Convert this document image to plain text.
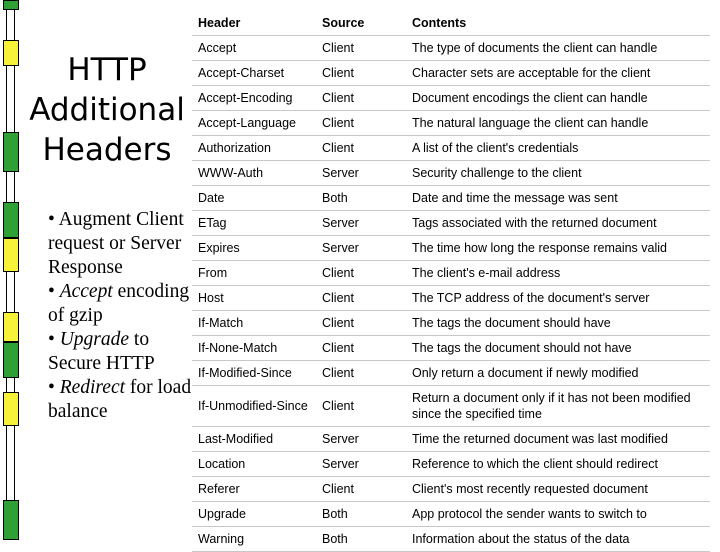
HTTP
Additional
Headers
• Augment Client request or Server Response
• Accept encoding of gzip
• Upgrade to Secure HTTP
• Redirect for load balance
Header	Source	Contents
Accept	Client	The type of documents the client can handle
Accept-Charset	Client	Character sets are acceptable for the client
Accept-Encoding	Client	Document encodings the client can handle
Accept-Language	Client	The natural language the client can handle
Authorization	Client	A list of the client's credentials
WWW-Auth	Server	Security challenge to the client
Date	Both	Date and time the message was sent
ETag	Server	Tags associated with the returned document
Expires	Server	The time how long the response remains valid
From	Client	The client's e-mail address
Host	Client	The TCP address of the document's server
If-Match	Client	The tags the document should have
If-None-Match	Client	The tags the document should not have
If-Modified-Since	Client	Only return a document if newly modified
If-Unmodified-Since	Client	Return a document only if it has not been modified since the specified time
Last-Modified	Server	Time the returned document was last modified
Location	Server	Reference to which the client should redirect
Referer	Client	Client's most recently requested document
Upgrade	Both	App protocol the sender wants to switch to
Warning	Both	Information about the status of the data
